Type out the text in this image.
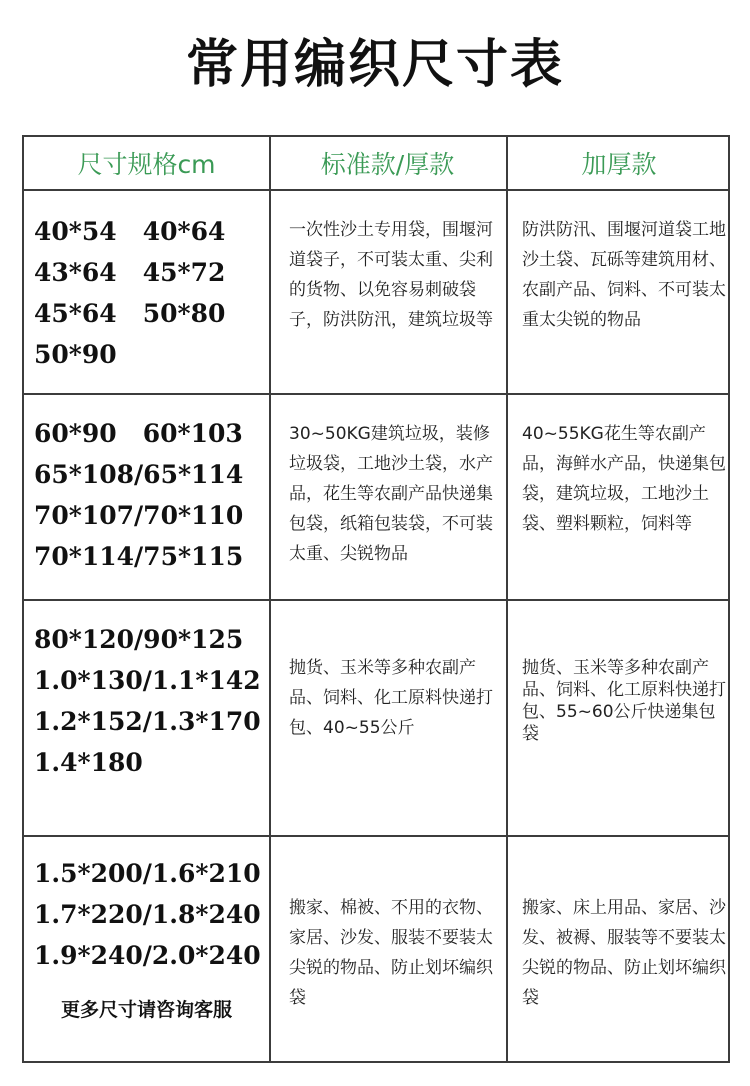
常用编织尺寸表
尺寸规格cm	标准款/厚款	加厚款
40*54   40*64
43*64   45*72
45*64   50*80
50*90
一次性沙土专用袋，围堰河道袋子，不可装太重、尖利的货物、以免容易刺破袋子，防洪防汛，建筑垃圾等
防洪防汛、围堰河道袋工地沙土袋、瓦砾等建筑用材、农副产品、饲料、不可装太重太尖锐的物品
60*90   60*103
65*108/65*114
70*107/70*110
70*114/75*115
30~50KG建筑垃圾，装修垃圾袋，工地沙土袋，水产品，花生等农副产品快递集包袋，纸箱包装袋，不可装太重、尖锐物品
40~55KG花生等农副产品，海鲜水产品，快递集包袋，建筑垃圾，工地沙土袋、塑料颗粒，饲料等
80*120/90*125
1.0*130/1.1*142
1.2*152/1.3*170
1.4*180
抛货、玉米等多种农副产品、饲料、化工原料快递打包、40~55公斤
抛货、玉米等多种农副产品、饲料、化工原料快递打包、55~60公斤快递集包袋
1.5*200/1.6*210
1.7*220/1.8*240
1.9*240/2.0*240
更多尺寸请咨询客服
搬家、棉被、不用的衣物、家居、沙发、服装不要装太尖锐的物品、防止划坏编织袋
搬家、床上用品、家居、沙发、被褥、服装等不要装太尖锐的物品、防止划坏编织袋
